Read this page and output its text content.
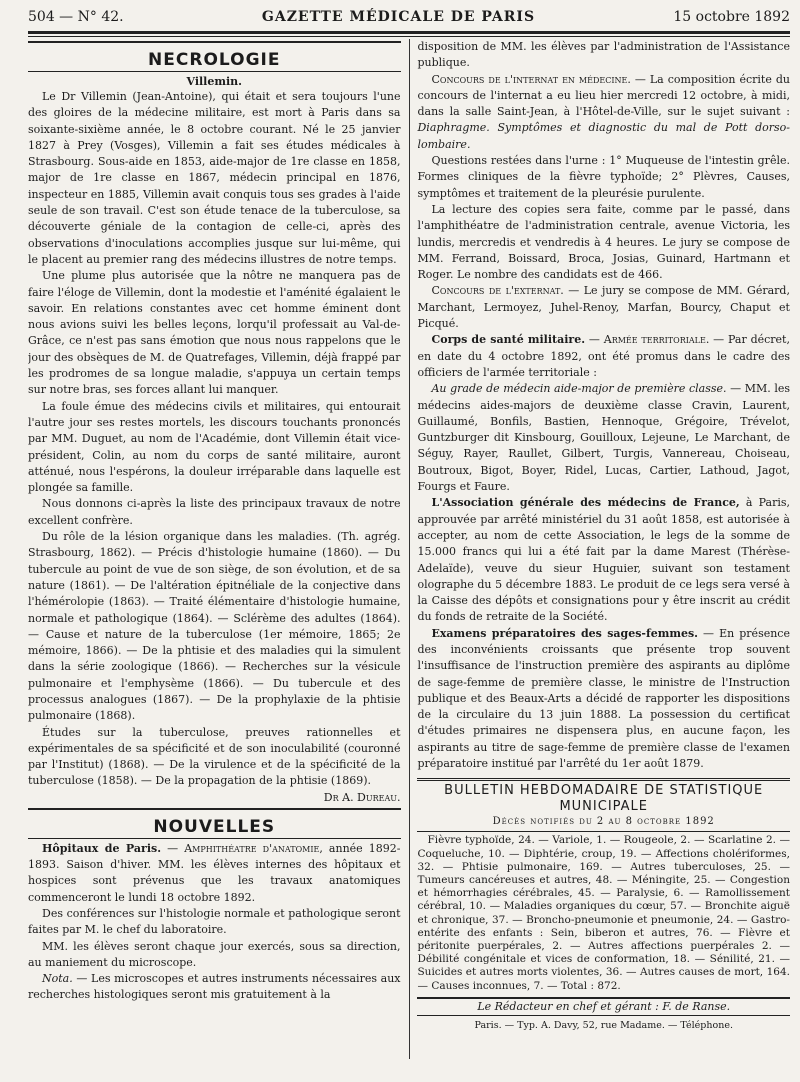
504 — N° 42.	GAZETTE MÉDICALE DE PARIS	15 octobre 1892
NECROLOGIE
Villemin.

Le Dr Villemin (Jean-Antoine), qui était et sera toujours l'une des gloires de la médecine militaire, est mort à Paris dans sa soixante-sixième année, le 8 octobre courant. Né le 25 janvier 1827 à Prey (Vosges), Villemin a fait ses études médicales à Strasbourg. Sous-aide en 1853, aide-major de 1re classe en 1858, major de 1re classe en 1867, médecin principal en 1876, inspecteur en 1885, Villemin avait conquis tous ses grades à l'aide seule de son travail. C'est son étude tenace de la tuberculose, sa découverte géniale de la contagion de celle-ci, après des observations d'inoculations accomplies jusque sur lui-même, qui le placent au premier rang des médecins illustres de notre temps.

Une plume plus autorisée que la nôtre ne manquera pas de faire l'éloge de Villemin, dont la modestie et l'aménité égalaient le savoir. En relations constantes avec cet homme éminent dont nous avions suivi les belles leçons, lorqu'il professait au Val-de-Grâce, ce n'est pas sans émotion que nous nous rappelons que le jour des obsèques de M. de Quatrefages, Villemin, déjà frappé par les prodromes de sa longue maladie, s'appuya un certain temps sur notre bras, ses forces allant lui manquer.

La foule émue des médecins civils et militaires, qui entourait l'autre jour ses restes mortels, les discours touchants prononcés par MM. Duguet, au nom de l'Académie, dont Villemin était vice-président, Colin, au nom du corps de santé militaire, auront atténué, nous l'espérons, la douleur irréparable dans laquelle est plongée sa famille.

Nous donnons ci-après la liste des principaux travaux de notre excellent confrère.

Du rôle de la lésion organique dans les maladies. (Th. agrég. Strasbourg, 1862). — Précis d'histologie humaine (1860). — Du tubercule au point de vue de son siège, de son évolution, et de sa nature (1861). — De l'altération épitnéliale de la conjective dans l'hémérolopie (1863). — Traité élémentaire d'histologie humaine, normale et pathologique (1864). — Sclérème des adultes (1864). — Cause et nature de la tuberculose (1er mémoire, 1865; 2e mémoire, 1866). — De la phtisie et des maladies qui la simulent dans la série zoologique (1866). — Recherches sur la vésicule pulmonaire et l'emphysème (1866). — Du tubercule et des processus analogues (1867). — De la prophylaxie de la phtisie pulmonaire (1868).

Études sur la tuberculose, preuves rationnelles et expérimentales de sa spécificité et de son inoculabilité (couronné par l'Institut) (1868). — De la virulence et de la spécificité de la tuberculose (1858). — De la propagation de la phtisie (1869).

Dr A. Dureau.
NOUVELLES

Hôpitaux de Paris. — Amphithéatre d'anatomie, année 1892-1893. Saison d'hiver. MM. les élèves internes des hôpitaux et hospices sont prévenus que les travaux anatomiques commenceront le lundi 18 octobre 1892.

Des conférences sur l'histologie normale et pathologique seront faites par M. le chef du laboratoire.

MM. les élèves seront chaque jour exercés, sous sa direction, au maniement du microscope.

Nota. — Les microscopes et autres instruments nécessaires aux recherches histologiques seront mis gratuitement à la

disposition de MM. les élèves par l'administration de l'Assistance publique.

Concours de l'internat en médecine. — La composition écrite du concours de l'internat a eu lieu hier mercredi 12 octobre, à midi, dans la salle Saint-Jean, à l'Hôtel-de-Ville, sur le sujet suivant : Diaphragme. Symptômes et diagnostic du mal de Pott dorso-lombaire.

Questions restées dans l'urne : 1° Muqueuse de l'intestin grêle. Formes cliniques de la fièvre typhoïde; 2° Plèvres, Causes, symptômes et traitement de la pleurésie purulente.

La lecture des copies sera faite, comme par le passé, dans l'amphithéatre de l'administration centrale, avenue Victoria, les lundis, mercredis et vendredis à 4 heures. Le jury se compose de MM. Ferrand, Boissard, Broca, Josias, Guinard, Hartmann et Roger. Le nombre des candidats est de 466.

Concours de l'externat. — Le jury se compose de MM. Gérard, Marchant, Lermoyez, Juhel-Renoy, Marfan, Bourcy, Chaput et Picqué.

Corps de santé militaire. — Armée territoriale. — Par décret, en date du 4 octobre 1892, ont été promus dans le cadre des officiers de l'armée territoriale :

Au grade de médecin aide-major de première classe. — MM. les médecins aides-majors de deuxième classe Cravin, Laurent, Guillaumé, Bonfils, Bastien, Hennoque, Grégoire, Trévelot, Guntzburger dit Kinsbourg, Gouilloux, Lejeune, Le Marchant, de Séguy, Rayer, Raullet, Gilbert, Turgis, Vannereau, Choiseau, Boutroux, Bigot, Boyer, Ridel, Lucas, Cartier, Lathoud, Jagot, Fourgs et Faure.

L'Association générale des médecins de France, à Paris, approuvée par arrêté ministériel du 31 août 1858, est autorisée à accepter, au nom de cette Association, le legs de la somme de 15.000 francs qui lui a été fait par la dame Marest (Thérèse-Adelaïde), veuve du sieur Huguier, suivant son testament olographe du 5 décembre 1883. Le produit de ce legs sera versé à la Caisse des dépôts et consignations pour y être inscrit au crédit du fonds de retraite de la Société.

Examens préparatoires des sages-femmes. — En présence des inconvénients croissants que présente trop souvent l'insuffisance de l'instruction première des aspirants au diplôme de sage-femme de première classe, le ministre de l'Instruction publique et des Beaux-Arts a décidé de rapporter les dispositions de la circulaire du 13 juin 1888. La possession du certificat d'études primaires ne dispensera plus, en aucune façon, les aspirants au titre de sage-femme de première classe de l'examen préparatoire institué par l'arrêté du 1er août 1879.

BULLETIN HEBDOMADAIRE DE STATISTIQUE
MUNICIPALE
Décès notifiés du 2 au 8 octobre 1892

Fièvre typhoïde, 24. — Variole, 1. — Rougeole, 2. — Scarlatine 2. — Coqueluche, 10. — Diphtérie, croup, 19. — Affections cholériformes, 32. — Phtisie pulmonaire, 169. — Autres tuberculoses, 25. — Tumeurs cancéreuses et autres, 48. — Méningite, 25. — Congestion et hémorrhagies cérébrales, 45. — Paralysie, 6. — Ramollissement cérébral, 10. — Maladies organiques du cœur, 57. — Bronchite aiguë et chronique, 37. — Broncho-pneumonie et pneumonie, 24. — Gastro-entérite des enfants : Sein, biberon et autres, 76. — Fièvre et péritonite puerpérales, 2. — Autres affections puerpérales 2. — Débilité congénitale et vices de conformation, 18. — Sénilité, 21. — Suicides et autres morts violentes, 36. — Autres causes de mort, 164. — Causes inconnues, 7. — Total : 872.

Le Rédacteur en chef et gérant : F. de Ranse.
Paris. — Typ. A. Davy, 52, rue Madame. — Téléphone.
